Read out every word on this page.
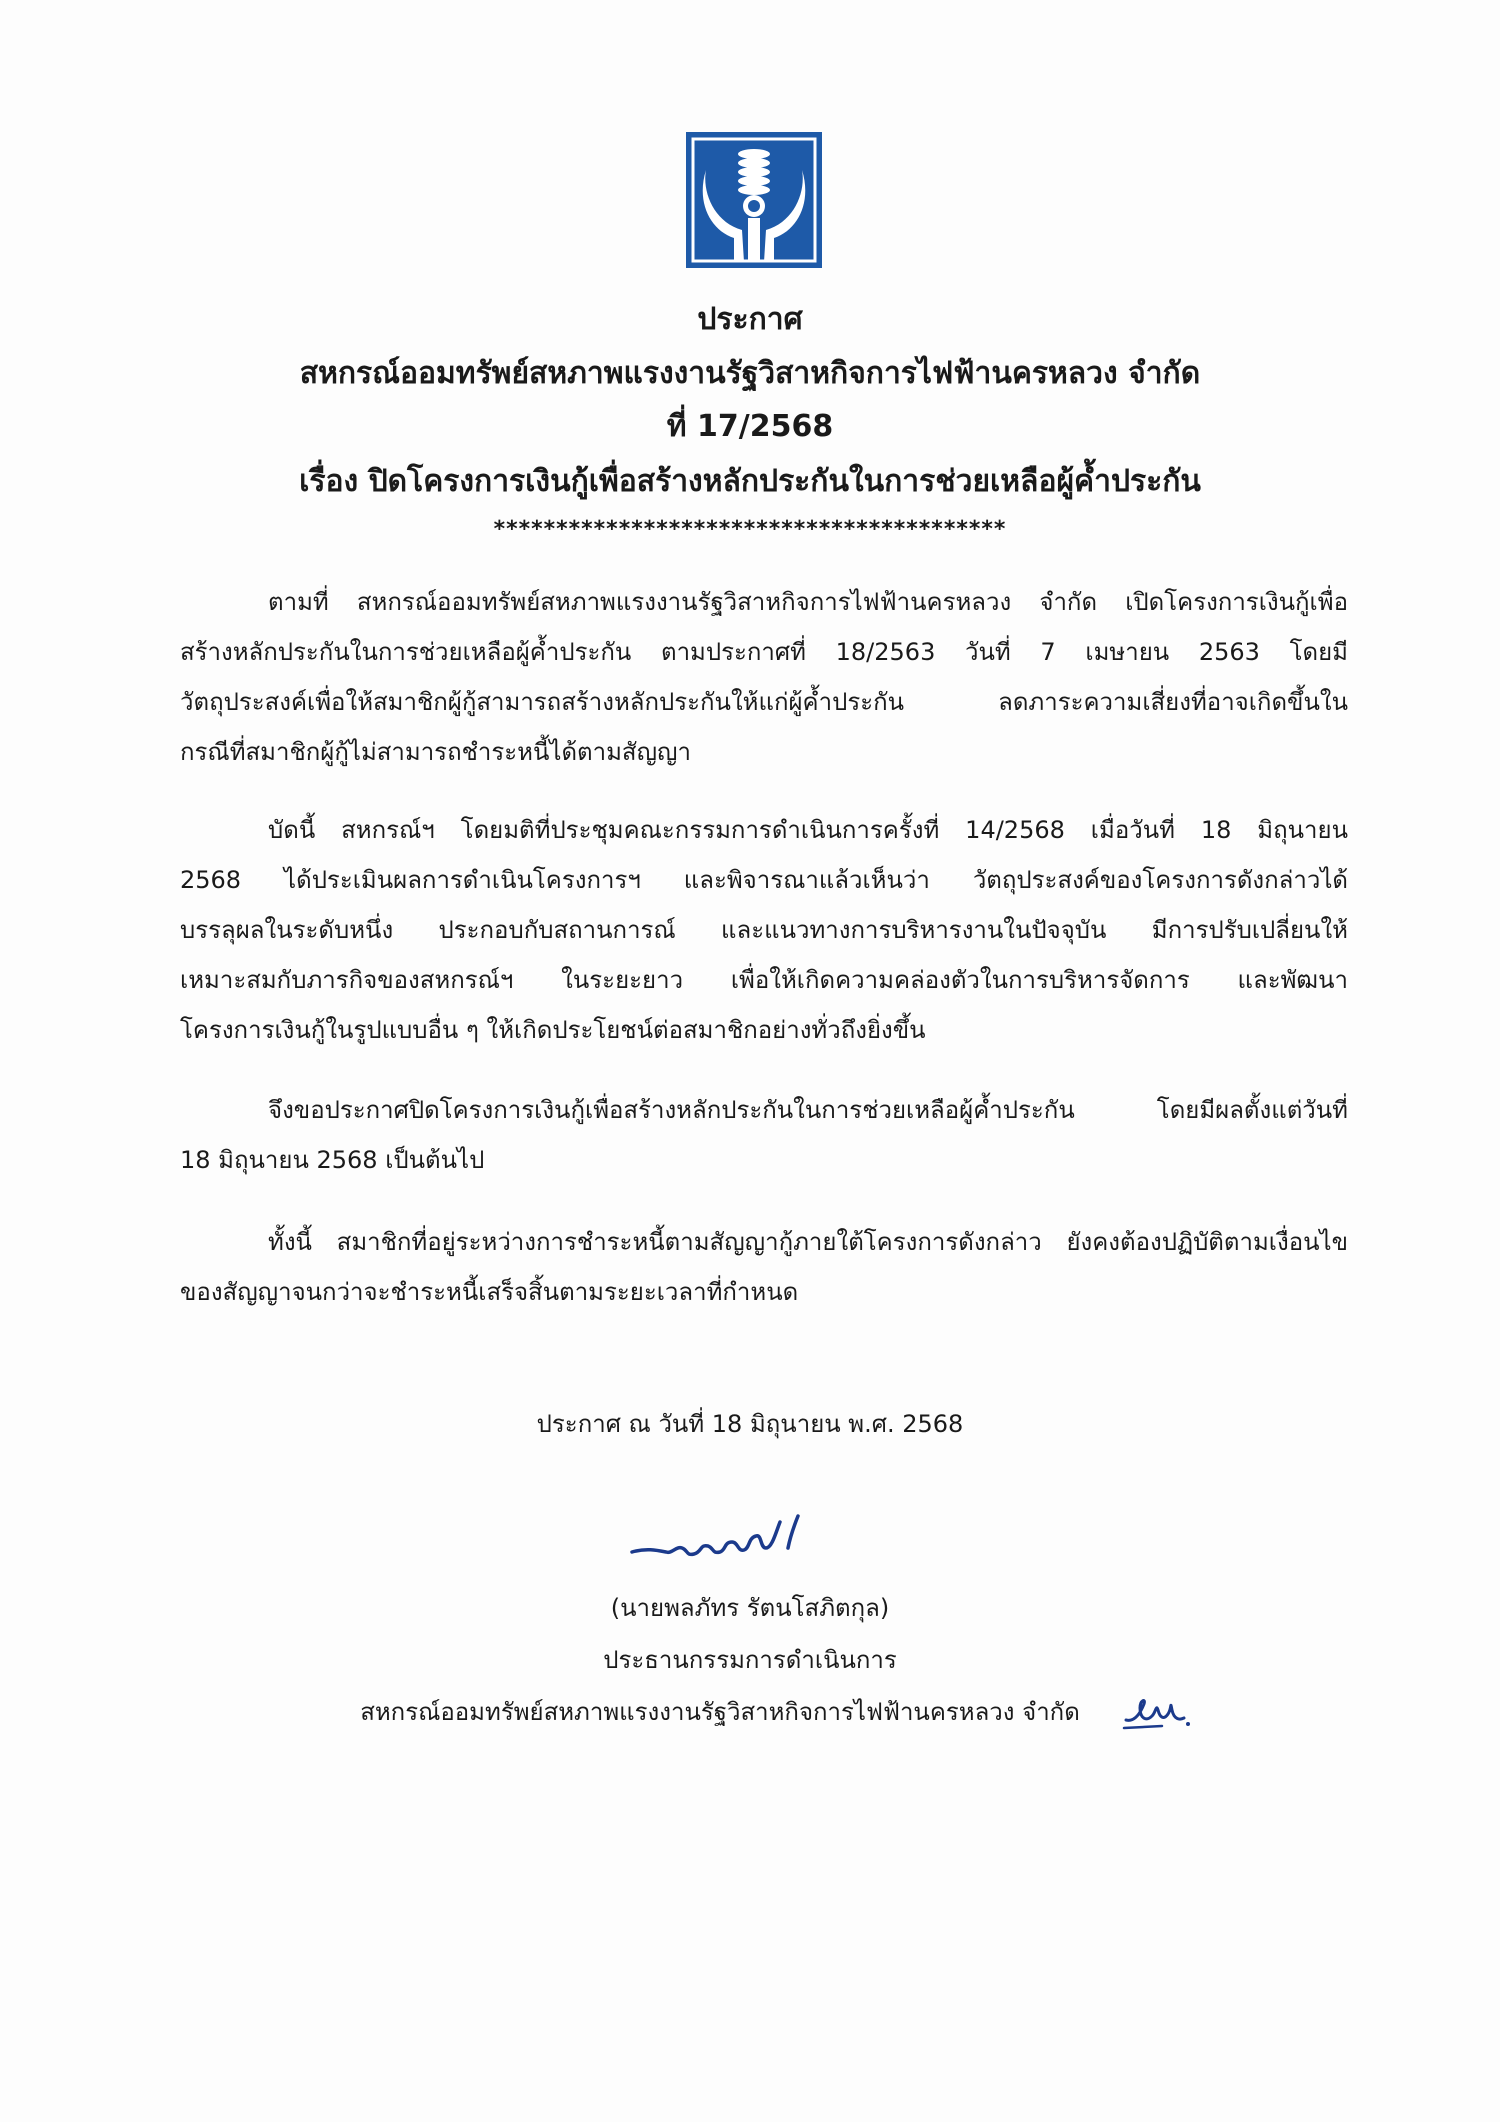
ประกาศ
สหกรณ์ออมทรัพย์สหภาพแรงงานรัฐวิสาหกิจการไฟฟ้านครหลวง จำกัด
ที่ 17/2568
เรื่อง ปิดโครงการเงินกู้เพื่อสร้างหลักประกันในการช่วยเหลือผู้ค้ำประกัน
*****************************************
ตามที่ สหกรณ์ออมทรัพย์สหภาพแรงงานรัฐวิสาหกิจการไฟฟ้านครหลวง จำกัด เปิดโครงการเงินกู้เพื่อ
สร้างหลักประกันในการช่วยเหลือผู้ค้ำประกัน ตามประกาศที่ 18/2563 วันที่ 7 เมษายน 2563 โดยมี
วัตถุประสงค์เพื่อให้สมาชิกผู้กู้สามารถสร้างหลักประกันให้แก่ผู้ค้ำประกัน ลดภาระความเสี่ยงที่อาจเกิดขึ้นใน
กรณีที่สมาชิกผู้กู้ไม่สามารถชำระหนี้ได้ตามสัญญา
บัดนี้ สหกรณ์ฯ โดยมติที่ประชุมคณะกรรมการดำเนินการครั้งที่ 14/2568 เมื่อวันที่ 18 มิถุนายน
2568 ได้ประเมินผลการดำเนินโครงการฯ และพิจารณาแล้วเห็นว่า วัตถุประสงค์ของโครงการดังกล่าวได้
บรรลุผลในระดับหนึ่ง ประกอบกับสถานการณ์ และแนวทางการบริหารงานในปัจจุบัน มีการปรับเปลี่ยนให้
เหมาะสมกับภารกิจของสหกรณ์ฯ ในระยะยาว เพื่อให้เกิดความคล่องตัวในการบริหารจัดการ และพัฒนา
โครงการเงินกู้ในรูปแบบอื่น ๆ ให้เกิดประโยชน์ต่อสมาชิกอย่างทั่วถึงยิ่งขึ้น
จึงขอประกาศปิดโครงการเงินกู้เพื่อสร้างหลักประกันในการช่วยเหลือผู้ค้ำประกัน โดยมีผลตั้งแต่วันที่
18 มิถุนายน 2568 เป็นต้นไป
ทั้งนี้ สมาชิกที่อยู่ระหว่างการชำระหนี้ตามสัญญากู้ภายใต้โครงการดังกล่าว ยังคงต้องปฏิบัติตามเงื่อนไข
ของสัญญาจนกว่าจะชำระหนี้เสร็จสิ้นตามระยะเวลาที่กำหนด
ประกาศ ณ วันที่ 18 มิถุนายน พ.ศ. 2568
(นายพลภัทร รัตนโสภิตกุล)
ประธานกรรมการดำเนินการ
สหกรณ์ออมทรัพย์สหภาพแรงงานรัฐวิสาหกิจการไฟฟ้านครหลวง จำกัด
